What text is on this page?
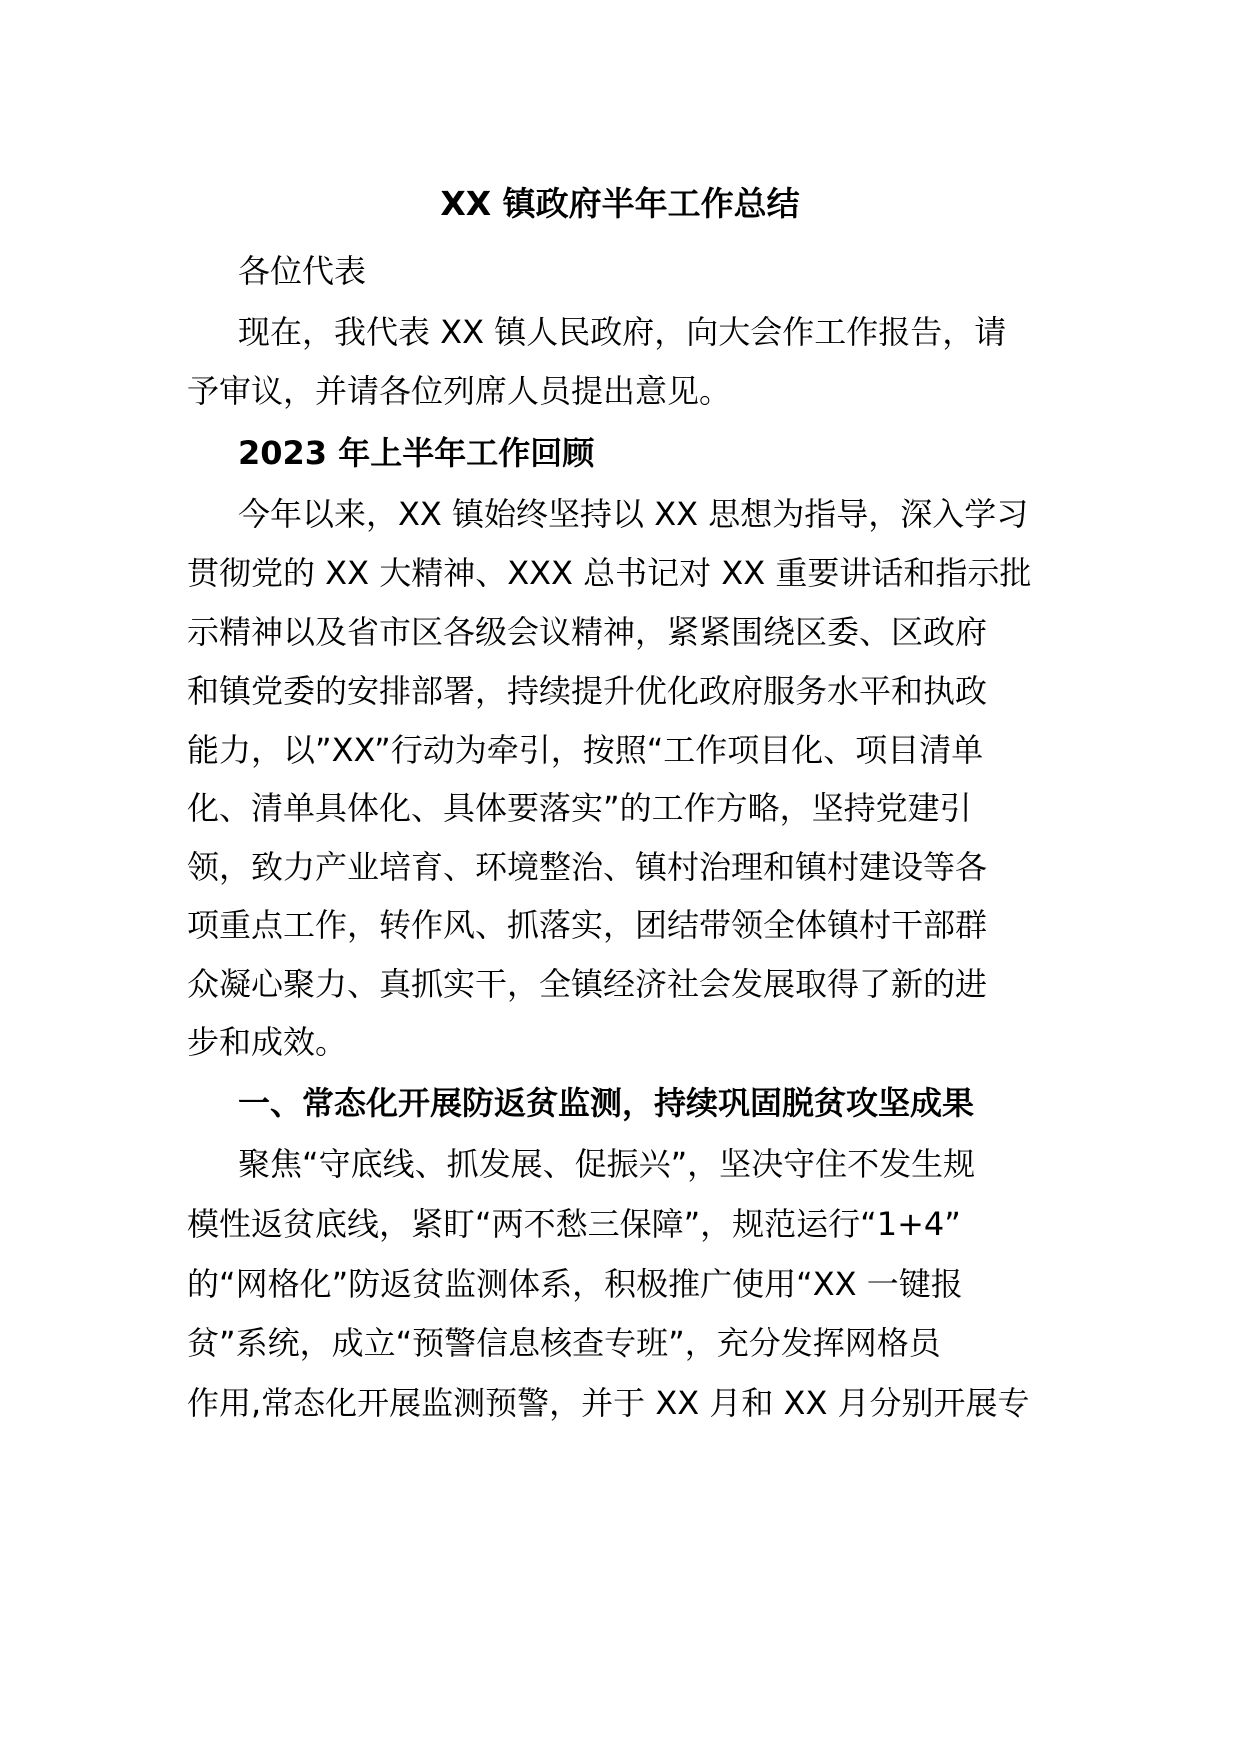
XX 镇政府半年工作总结
各位代表
现在，我代表 XX 镇人民政府，向大会作工作报告，请
予审议，并请各位列席人员提出意见。
2023 年上半年工作回顾
今年以来，XX 镇始终坚持以 XX 思想为指导，深入学习
贯彻党的 XX 大精神、XXX 总书记对 XX 重要讲话和指示批
示精神以及省市区各级会议精神，紧紧围绕区委、区政府
和镇党委的安排部署，持续提升优化政府服务水平和执政
能力，以”XX”行动为牵引，按照“工作项目化、项目清单
化、清单具体化、具体要落实”的工作方略，坚持党建引
领，致力产业培育、环境整治、镇村治理和镇村建设等各
项重点工作，转作风、抓落实，团结带领全体镇村干部群
众凝心聚力、真抓实干，全镇经济社会发展取得了新的进
步和成效。
一、常态化开展防返贫监测，持续巩固脱贫攻坚成果
聚焦“守底线、抓发展、促振兴”，坚决守住不发生规
模性返贫底线，紧盯“两不愁三保障”，规范运行“1+4”
的“网格化”防返贫监测体系，积极推广使用“XX 一键报
贫”系统，成立“预警信息核查专班”，充分发挥网格员
作用,常态化开展监测预警，并于 XX 月和 XX 月分别开展专
